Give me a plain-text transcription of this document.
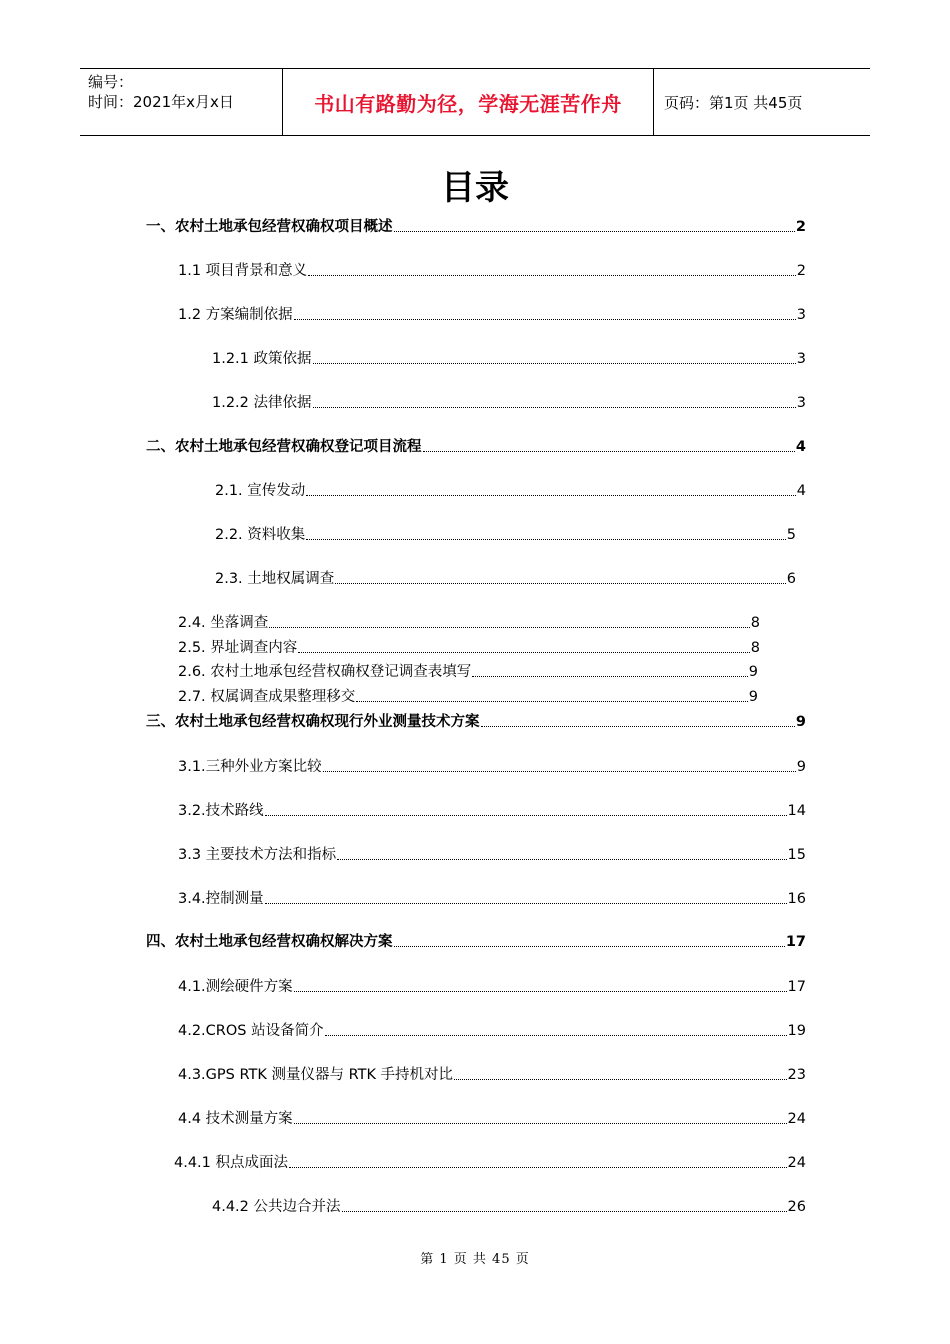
编号：
时间：2021年x月x日	书山有路勤为径，学海无涯苦作舟	页码：第1页 共45页
目录
一、农村土地承包经营权确权项目概述	2
1.1 项目背景和意义	2
1.2 方案编制依据	3
1.2.1 政策依据	3
1.2.2 法律依据	3
二、农村土地承包经营权确权登记项目流程	4
2.1. 宣传发动	4
2.2. 资料收集	5
2.3. 土地权属调查	6
2.4. 坐落调查	8
2.5. 界址调查内容	8
2.6. 农村土地承包经营权确权登记调查表填写	9
2.7. 权属调查成果整理移交	9
三、农村土地承包经营权确权现行外业测量技术方案	9
3.1.三种外业方案比较	9
3.2.技术路线	14
3.3 主要技术方法和指标	15
3.4.控制测量	16
四、农村土地承包经营权确权解决方案	17
4.1.测绘硬件方案	17
4.2.CROS 站设备简介	19
4.3.GPS RTK 测量仪器与 RTK 手持机对比	23
4.4 技术测量方案	24
4.4.1 积点成面法	24
4.4.2 公共边合并法	26
第 1 页 共 45 页
